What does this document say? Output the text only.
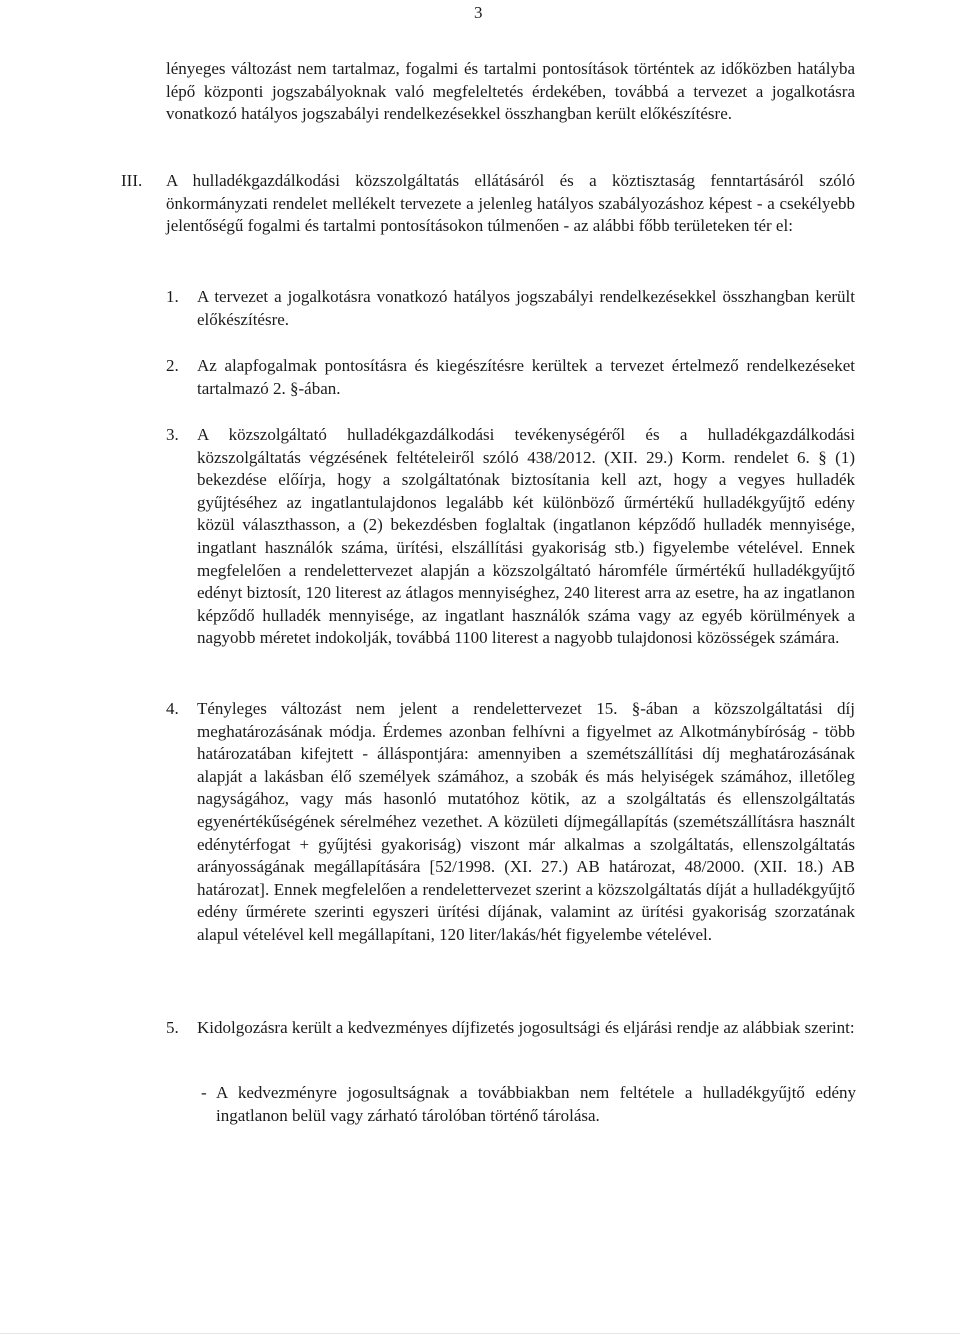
3
lényeges változást nem tartalmaz, fogalmi és tartalmi pontosítások történtek az időközben hatályba lépő központi jogszabályoknak való megfeleltetés érdekében, továbbá a tervezet a jogalkotásra vonatkozó hatályos jogszabályi rendelkezésekkel összhangban került előkészítésre.
III. A hulladékgazdálkodási közszolgáltatás ellátásáról és a köztisztaság fenntartásáról szóló önkormányzati rendelet mellékelt tervezete a jelenleg hatályos szabályozáshoz képest - a csekélyebb jelentőségű fogalmi és tartalmi pontosításokon túlmenően - az alábbi főbb területeken tér el:
1. A tervezet a jogalkotásra vonatkozó hatályos jogszabályi rendelkezésekkel összhangban került előkészítésre.
2. Az alapfogalmak pontosításra és kiegészítésre kerültek a tervezet értelmező rendelkezéseket tartalmazó 2. §-ában.
3. A közszolgáltató hulladékgazdálkodási tevékenységéről és a hulladékgazdálkodási közszolgáltatás végzésének feltételeiről szóló 438/2012. (XII. 29.) Korm. rendelet 6. § (1) bekezdése előírja, hogy a szolgáltatónak biztosítania kell azt, hogy a vegyes hulladék gyűjtéséhez az ingatlantulajdonos legalább két különböző űrmértékű hulladékgyűjtő edény közül választhasson, a (2) bekezdésben foglaltak (ingatlanon képződő hulladék mennyisége, ingatlant használók száma, ürítési, elszállítási gyakoriság stb.) figyelembe vételével. Ennek megfelelően a rendelettervezet alapján a közszolgáltató háromféle űrmértékű hulladékgyűjtő edényt biztosít, 120 literest az átlagos mennyiséghez, 240 literest arra az esetre, ha az ingatlanon képződő hulladék mennyisége, az ingatlant használók száma vagy az egyéb körülmények a nagyobb méretet indokolják, továbbá 1100 literest a nagyobb tulajdonosi közösségek számára.
4. Tényleges változást nem jelent a rendelettervezet 15. §-ában a közszolgáltatási díj meghatározásának módja. Érdemes azonban felhívni a figyelmet az Alkotmánybíróság - több határozatában kifejtett - álláspontjára: amennyiben a szemétszállítási díj meghatározásának alapját a lakásban élő személyek számához, a szobák és más helyiségek számához, illetőleg nagyságához, vagy más hasonló mutatóhoz kötik, az a szolgáltatás és ellenszolgáltatás egyenértékűségének sérelméhez vezethet. A közületi díjmegállapítás (szemétszállításra használt edénytérfogat + gyűjtési gyakoriság) viszont már alkalmas a szolgáltatás, ellenszolgáltatás arányosságának megállapítására [52/1998. (XI. 27.) AB határozat, 48/2000. (XII. 18.) AB határozat]. Ennek megfelelően a rendelettervezet szerint a közszolgáltatás díját a hulladékgyűjtő edény űrmérete szerinti egyszeri ürítési díjának, valamint az ürítési gyakoriság szorzatának alapul vételével kell megállapítani, 120 liter/lakás/hét figyelembe vételével.
5. Kidolgozásra került a kedvezményes díjfizetés jogosultsági és eljárási rendje az alábbiak szerint:
- A kedvezményre jogosultságnak a továbbiakban nem feltétele a hulladékgyűjtő edény ingatlanon belül vagy zárható tárolóban történő tárolása.
